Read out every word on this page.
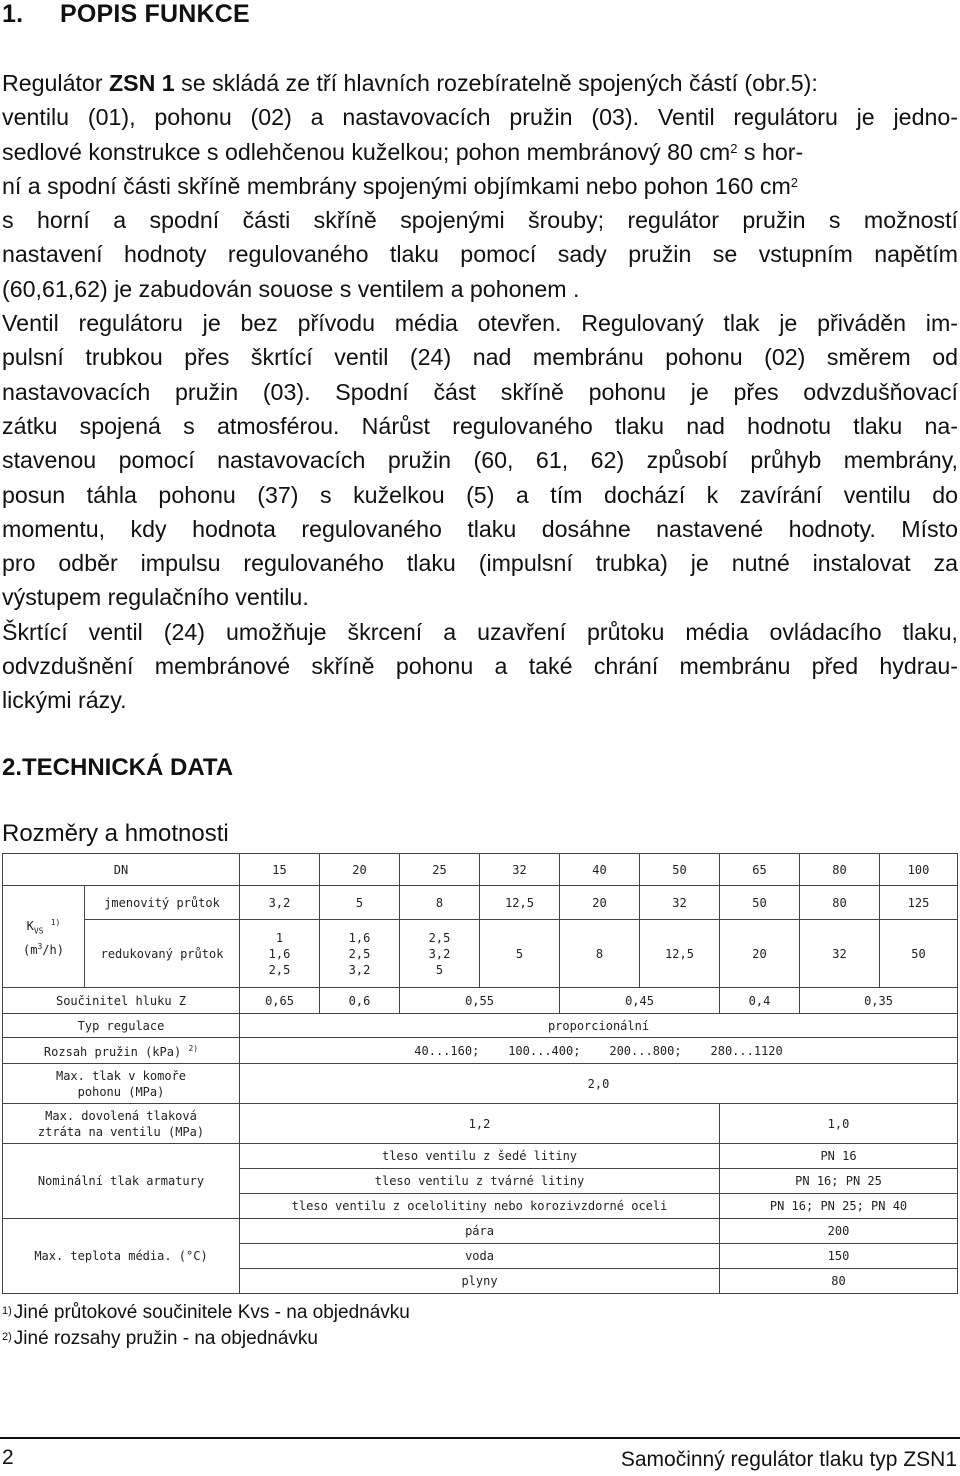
1. POPIS FUNKCE
Regulátor ZSN 1 se skládá ze tří hlavních rozebíratelně spojených částí (obr.5):
ventilu (01), pohonu (02) a nastavovacích pružin (03). Ventil regulátoru je jedno-
sedlové konstrukce s odlehčenou kuželkou; pohon membránový 80 $cm^2$ s hor-
ní a spodní části skříně membrány spojenými objímkami nebo pohon 160 $cm^2$
s horní a spodní části skříně spojenými šrouby; regulátor pružin s možností
nastavení hodnoty regulovaného tlaku pomocí sady pružin se vstupním napětím
(60,61,62) je zabudován souose s ventilem a pohonem .
Ventil regulátoru je bez přívodu média otevřen. Regulovaný tlak je přiváděn im-
pulsní trubkou přes škrtící ventil (24) nad membránu pohonu (02) směrem od
nastavovacích pružin (03). Spodní část skříně pohonu je přes odvzdušňovací
zátku spojená s atmosférou. Nárůst regulovaného tlaku nad hodnotu tlaku na-
stavenou pomocí nastavovacích pružin (60, 61, 62) způsobí průhyb membrány,
posun táhla pohonu (37) s kuželkou (5) a tím dochází k zavírání ventilu do
momentu, kdy hodnota regulovaného tlaku dosáhne nastavené hodnoty. Místo
pro odběr impulsu regulovaného tlaku (impulsní trubka) je nutné instalovat za
výstupem regulačního ventilu.
Škrtící ventil (24) umožňuje škrcení a uzavření průtoku média ovládacího tlaku,
odvzdušnění membránové skříně pohonu a také chrání membránu před hydrau-
lickými rázy.
2.TECHNICKÁ DATA
Rozměry a hmotnosti
DN		15	20	25	32	40	50	65	80	100
$K_{VS}$ $^{1)}$
$(m^3/h)$	jmenovitý průtok	3,2	5	8	12,5	20	32	50	80	125
	redukovaný průtok	1
1,6
2,5	1,6
2,5
3,2	2,5
3,2
5	5	8	12,5	20	32	50
Součinitel hluku Z		0,65	0,6	0,55		0,45		0,4	0,35	
Typ regulace		proporcionální								
Rozsah pružin (kPa) $^{2)}$		40...160;    100...400;    200...800;    280...1120								
Max. tlak v komoře
pohonu (MPa)		2,0								
Max. dovolená tlaková
ztráta na ventilu (MPa)		1,2						1,0		
Nominální tlak armatury		tleso ventilu z šedé litiny						PN 16		
		tleso ventilu z tvárné litiny						PN 16; PN 25		
		tleso ventilu z ocelolitiny nebo korozivzdorné oceli						PN 16; PN 25; PN 40		
Max. teplota média. (°C)		pára						200		
		voda						150		
		plyny						80		
$^{1)}$ Jiné průtokové součinitele Kvs - na objednávku
$^{2)}$ Jiné rozsahy pružin - na objednávku
2	Samočinný regulátor tlaku typ ZSN1
